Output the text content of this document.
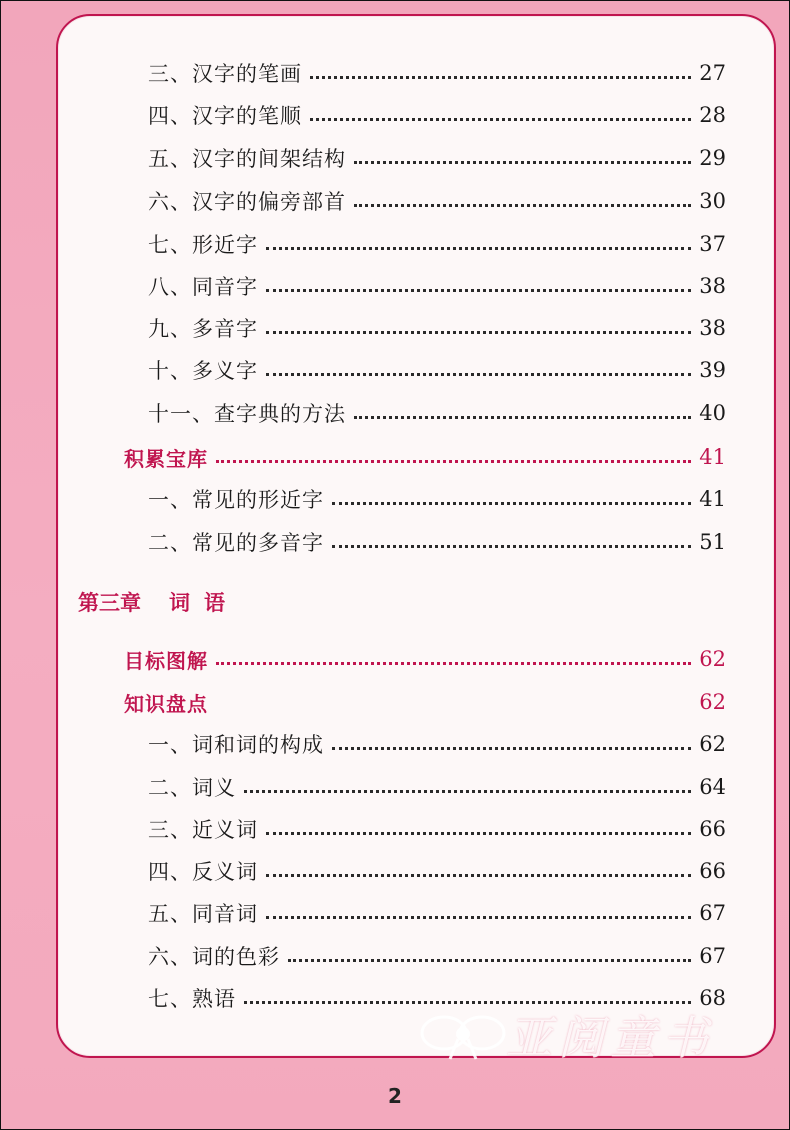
三、汉字的笔画	27
四、汉字的笔顺	28
五、汉字的间架结构	29
六、汉字的偏旁部首	30
七、形近字	37
八、同音字	38
九、多音字	38
十、多义字	39
十一、查字典的方法	40
积累宝库	41
一、常见的形近字	41
二、常见的多音字	51
第三章 词语
目标图解	62
知识盘点	62
一、词和词的构成	62
二、词义	64
三、近义词	66
四、反义词	66
五、同音词	67
六、词的色彩	67
七、熟语	68
亚阅童书
2
